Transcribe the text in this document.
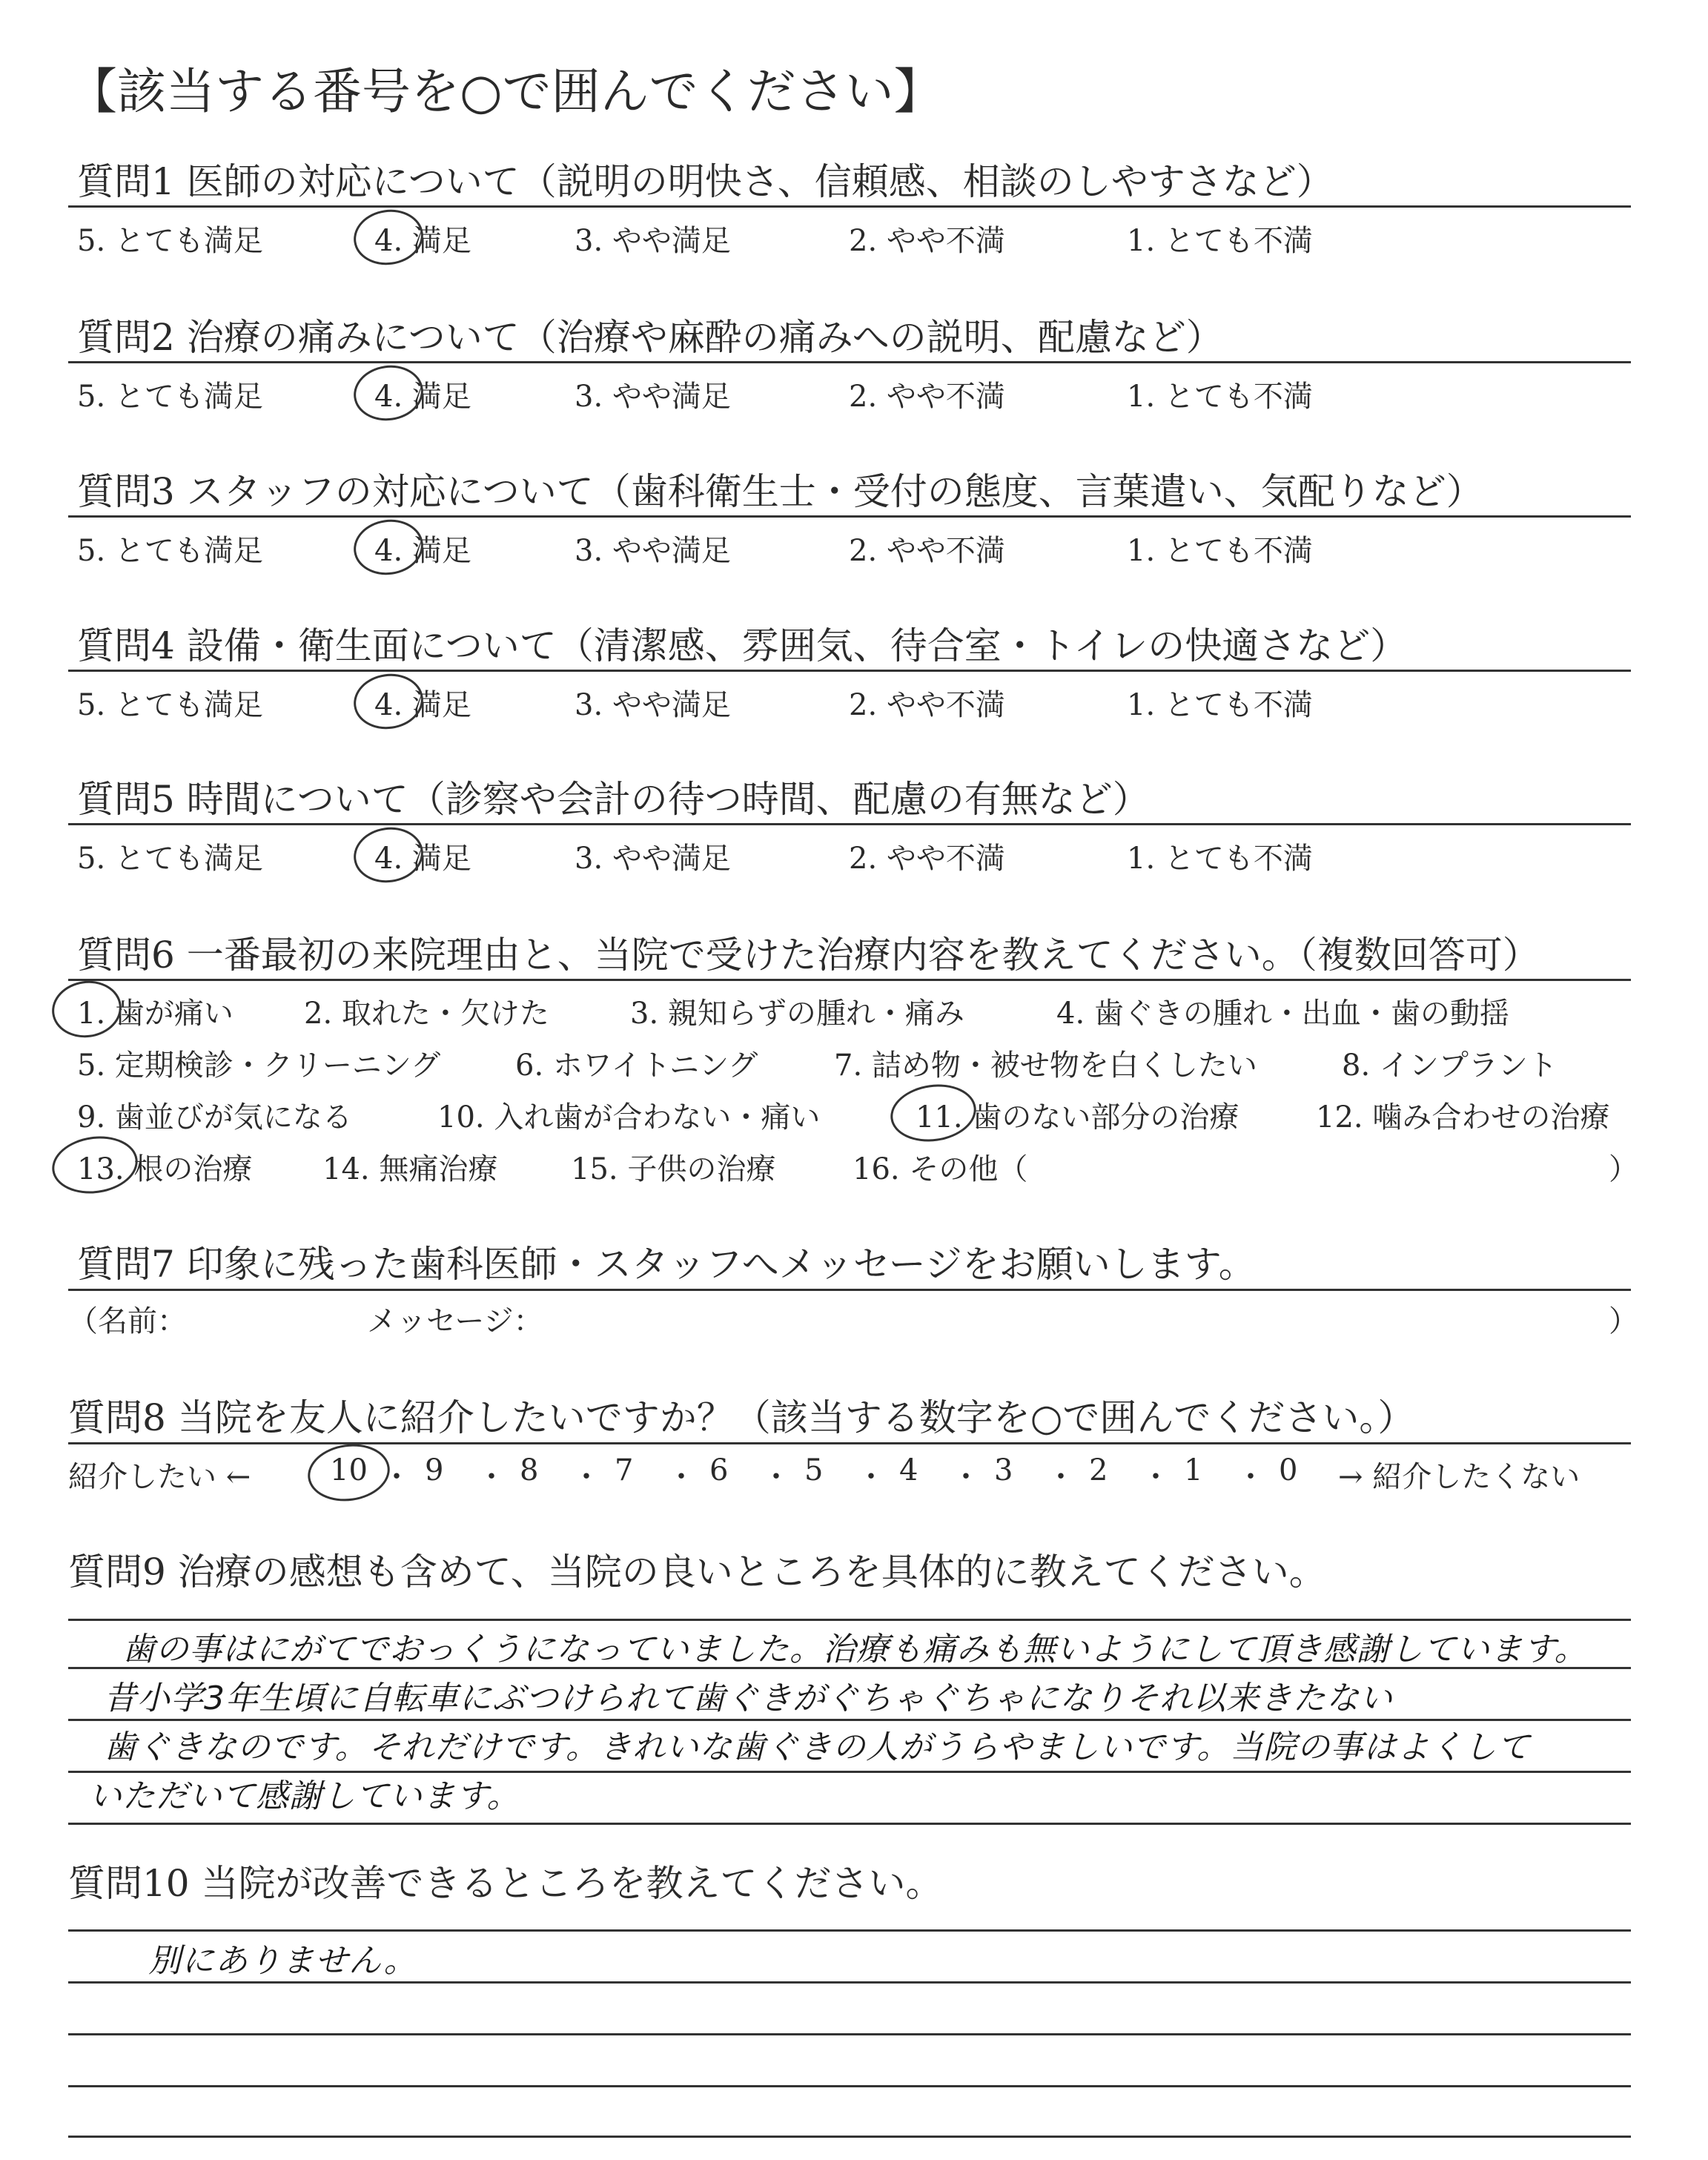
【該当する番号を○で囲んでください】
質問1 医師の対応について（説明の明快さ、信頼感、相談のしやすさなど）
5. とても満足	4. 満足	3. やや満足	2. やや不満	1. とても不満
質問2 治療の痛みについて（治療や麻酔の痛みへの説明、配慮など）
5. とても満足	4. 満足	3. やや満足	2. やや不満	1. とても不満
質問3 スタッフの対応について（歯科衛生士・受付の態度、言葉遣い、気配りなど）
5. とても満足	4. 満足	3. やや満足	2. やや不満	1. とても不満
質問4 設備・衛生面について（清潔感、雰囲気、待合室・トイレの快適さなど）
5. とても満足	4. 満足	3. やや満足	2. やや不満	1. とても不満
質問5 時間について（診察や会計の待つ時間、配慮の有無など）
5. とても満足	4. 満足	3. やや満足	2. やや不満	1. とても不満
質問6 一番最初の来院理由と、当院で受けた治療内容を教えてください。（複数回答可）
1. 歯が痛い 2. 取れた・欠けた	3. 親知らずの腫れ・痛み	4. 歯ぐきの腫れ・出血・歯の動揺
5. 定期検診・クリーニング	6. ホワイトニング	7. 詰め物・被せ物を白くしたい	8. インプラント
9. 歯並びが気になる	10. 入れ歯が合わない・痛い	11. 歯のない部分の治療	12. 噛み合わせの治療
13. 根の治療 14. 無痛治療 15. 子供の治療	16. その他（	）
質問7 印象に残った歯科医師・スタッフへメッセージをお願いします。
（名前：	メッセージ：	）
質問8 当院を友人に紹介したいですか？（該当する数字を○で囲んでください。）
紹介したい ←	10 ・ 9 ・ 8 ・ 7 ・ 6 ・ 5 ・ 4 ・ 3 ・ 2 ・ 1 ・ 0 → 紹介したくない
質問9 治療の感想も含めて、当院の良いところを具体的に教えてください。
歯の事はにがてでおっくうになっていました。治療も痛みも無いようにして頂き感謝しています。
昔小学3年生頃に自転車にぶつけられて歯ぐきがぐちゃぐちゃになりそれ以来きたない
歯ぐきなのです。それだけです。きれいな歯ぐきの人がうらやましいです。当院の事はよくして
いただいて感謝しています。
質問10 当院が改善できるところを教えてください。
別にありません。
